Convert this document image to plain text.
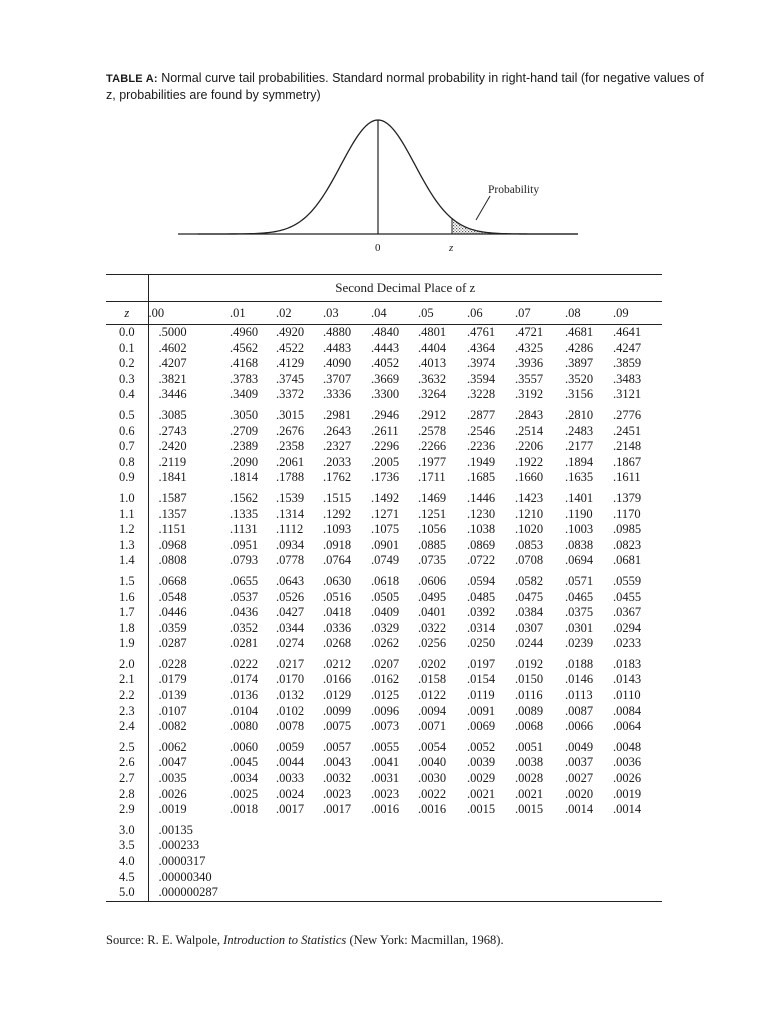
TABLE A: Normal curve tail probabilities. Standard normal probability in right-hand tail (for negative values of z, probabilities are found by symmetry)
Probability
0	z
	Second Decimal Place of z									
z	.00	.01	.02	.03	.04	.05	.06	.07	.08	.09
0.0	.5000	.4960	.4920	.4880	.4840	.4801	.4761	.4721	.4681	.4641
0.1	.4602	.4562	.4522	.4483	.4443	.4404	.4364	.4325	.4286	.4247
0.2	.4207	.4168	.4129	.4090	.4052	.4013	.3974	.3936	.3897	.3859
0.3	.3821	.3783	.3745	.3707	.3669	.3632	.3594	.3557	.3520	.3483
0.4	.3446	.3409	.3372	.3336	.3300	.3264	.3228	.3192	.3156	.3121

0.5	.3085	.3050	.3015	.2981	.2946	.2912	.2877	.2843	.2810	.2776
0.6	.2743	.2709	.2676	.2643	.2611	.2578	.2546	.2514	.2483	.2451
0.7	.2420	.2389	.2358	.2327	.2296	.2266	.2236	.2206	.2177	.2148
0.8	.2119	.2090	.2061	.2033	.2005	.1977	.1949	.1922	.1894	.1867
0.9	.1841	.1814	.1788	.1762	.1736	.1711	.1685	.1660	.1635	.1611

1.0	.1587	.1562	.1539	.1515	.1492	.1469	.1446	.1423	.1401	.1379
1.1	.1357	.1335	.1314	.1292	.1271	.1251	.1230	.1210	.1190	.1170
1.2	.1151	.1131	.1112	.1093	.1075	.1056	.1038	.1020	.1003	.0985
1.3	.0968	.0951	.0934	.0918	.0901	.0885	.0869	.0853	.0838	.0823
1.4	.0808	.0793	.0778	.0764	.0749	.0735	.0722	.0708	.0694	.0681

1.5	.0668	.0655	.0643	.0630	.0618	.0606	.0594	.0582	.0571	.0559
1.6	.0548	.0537	.0526	.0516	.0505	.0495	.0485	.0475	.0465	.0455
1.7	.0446	.0436	.0427	.0418	.0409	.0401	.0392	.0384	.0375	.0367
1.8	.0359	.0352	.0344	.0336	.0329	.0322	.0314	.0307	.0301	.0294
1.9	.0287	.0281	.0274	.0268	.0262	.0256	.0250	.0244	.0239	.0233

2.0	.0228	.0222	.0217	.0212	.0207	.0202	.0197	.0192	.0188	.0183
2.1	.0179	.0174	.0170	.0166	.0162	.0158	.0154	.0150	.0146	.0143
2.2	.0139	.0136	.0132	.0129	.0125	.0122	.0119	.0116	.0113	.0110
2.3	.0107	.0104	.0102	.0099	.0096	.0094	.0091	.0089	.0087	.0084
2.4	.0082	.0080	.0078	.0075	.0073	.0071	.0069	.0068	.0066	.0064

2.5	.0062	.0060	.0059	.0057	.0055	.0054	.0052	.0051	.0049	.0048
2.6	.0047	.0045	.0044	.0043	.0041	.0040	.0039	.0038	.0037	.0036
2.7	.0035	.0034	.0033	.0032	.0031	.0030	.0029	.0028	.0027	.0026
2.8	.0026	.0025	.0024	.0023	.0023	.0022	.0021	.0021	.0020	.0019
2.9	.0019	.0018	.0017	.0017	.0016	.0016	.0015	.0015	.0014	.0014

3.0	.00135									
3.5	.000233									
4.0	.0000317									
4.5	.00000340									
5.0	.000000287									
Source: R. E. Walpole, Introduction to Statistics (New York: Macmillan, 1968).
